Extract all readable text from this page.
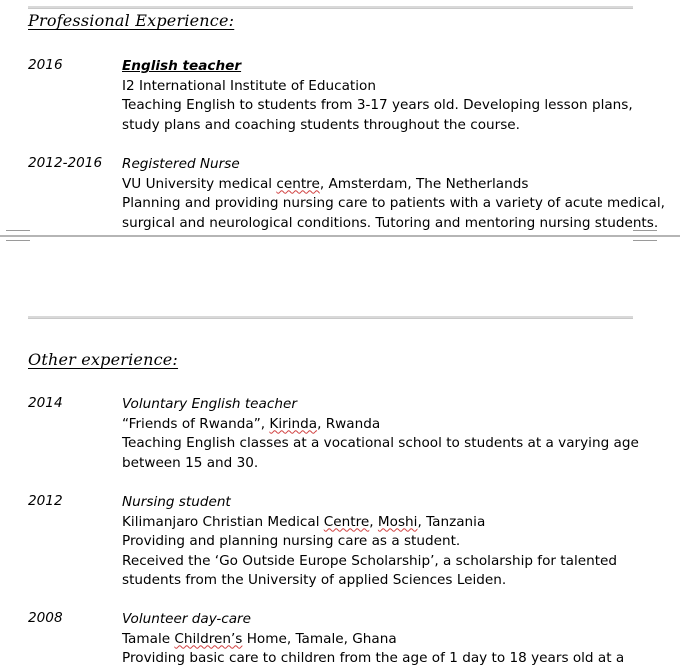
Professional Experience:
2016	English teacher
I2 International Institute of Education
Teaching English to students from 3-17 years old. Developing lesson plans,
study plans and coaching students throughout the course.
2012-2016 Registered Nurse
VU University medical centre, Amsterdam, The Netherlands
Planning and providing nursing care to patients with a variety of acute medical,
surgical and neurological conditions. Tutoring and mentoring nursing students.
Other experience:
2014	Voluntary English teacher
“Friends of Rwanda”, Kirinda, Rwanda
Teaching English classes at a vocational school to students at a varying age
between 15 and 30.
2012	Nursing student
Kilimanjaro Christian Medical Centre, Moshi, Tanzania
Providing and planning nursing care as a student.
Received the ‘Go Outside Europe Scholarship’, a scholarship for talented
students from the University of applied Sciences Leiden.
2008	Volunteer day-care
Tamale Children’s Home, Tamale, Ghana
Providing basic care to children from the age of 1 day to 18 years old at a
